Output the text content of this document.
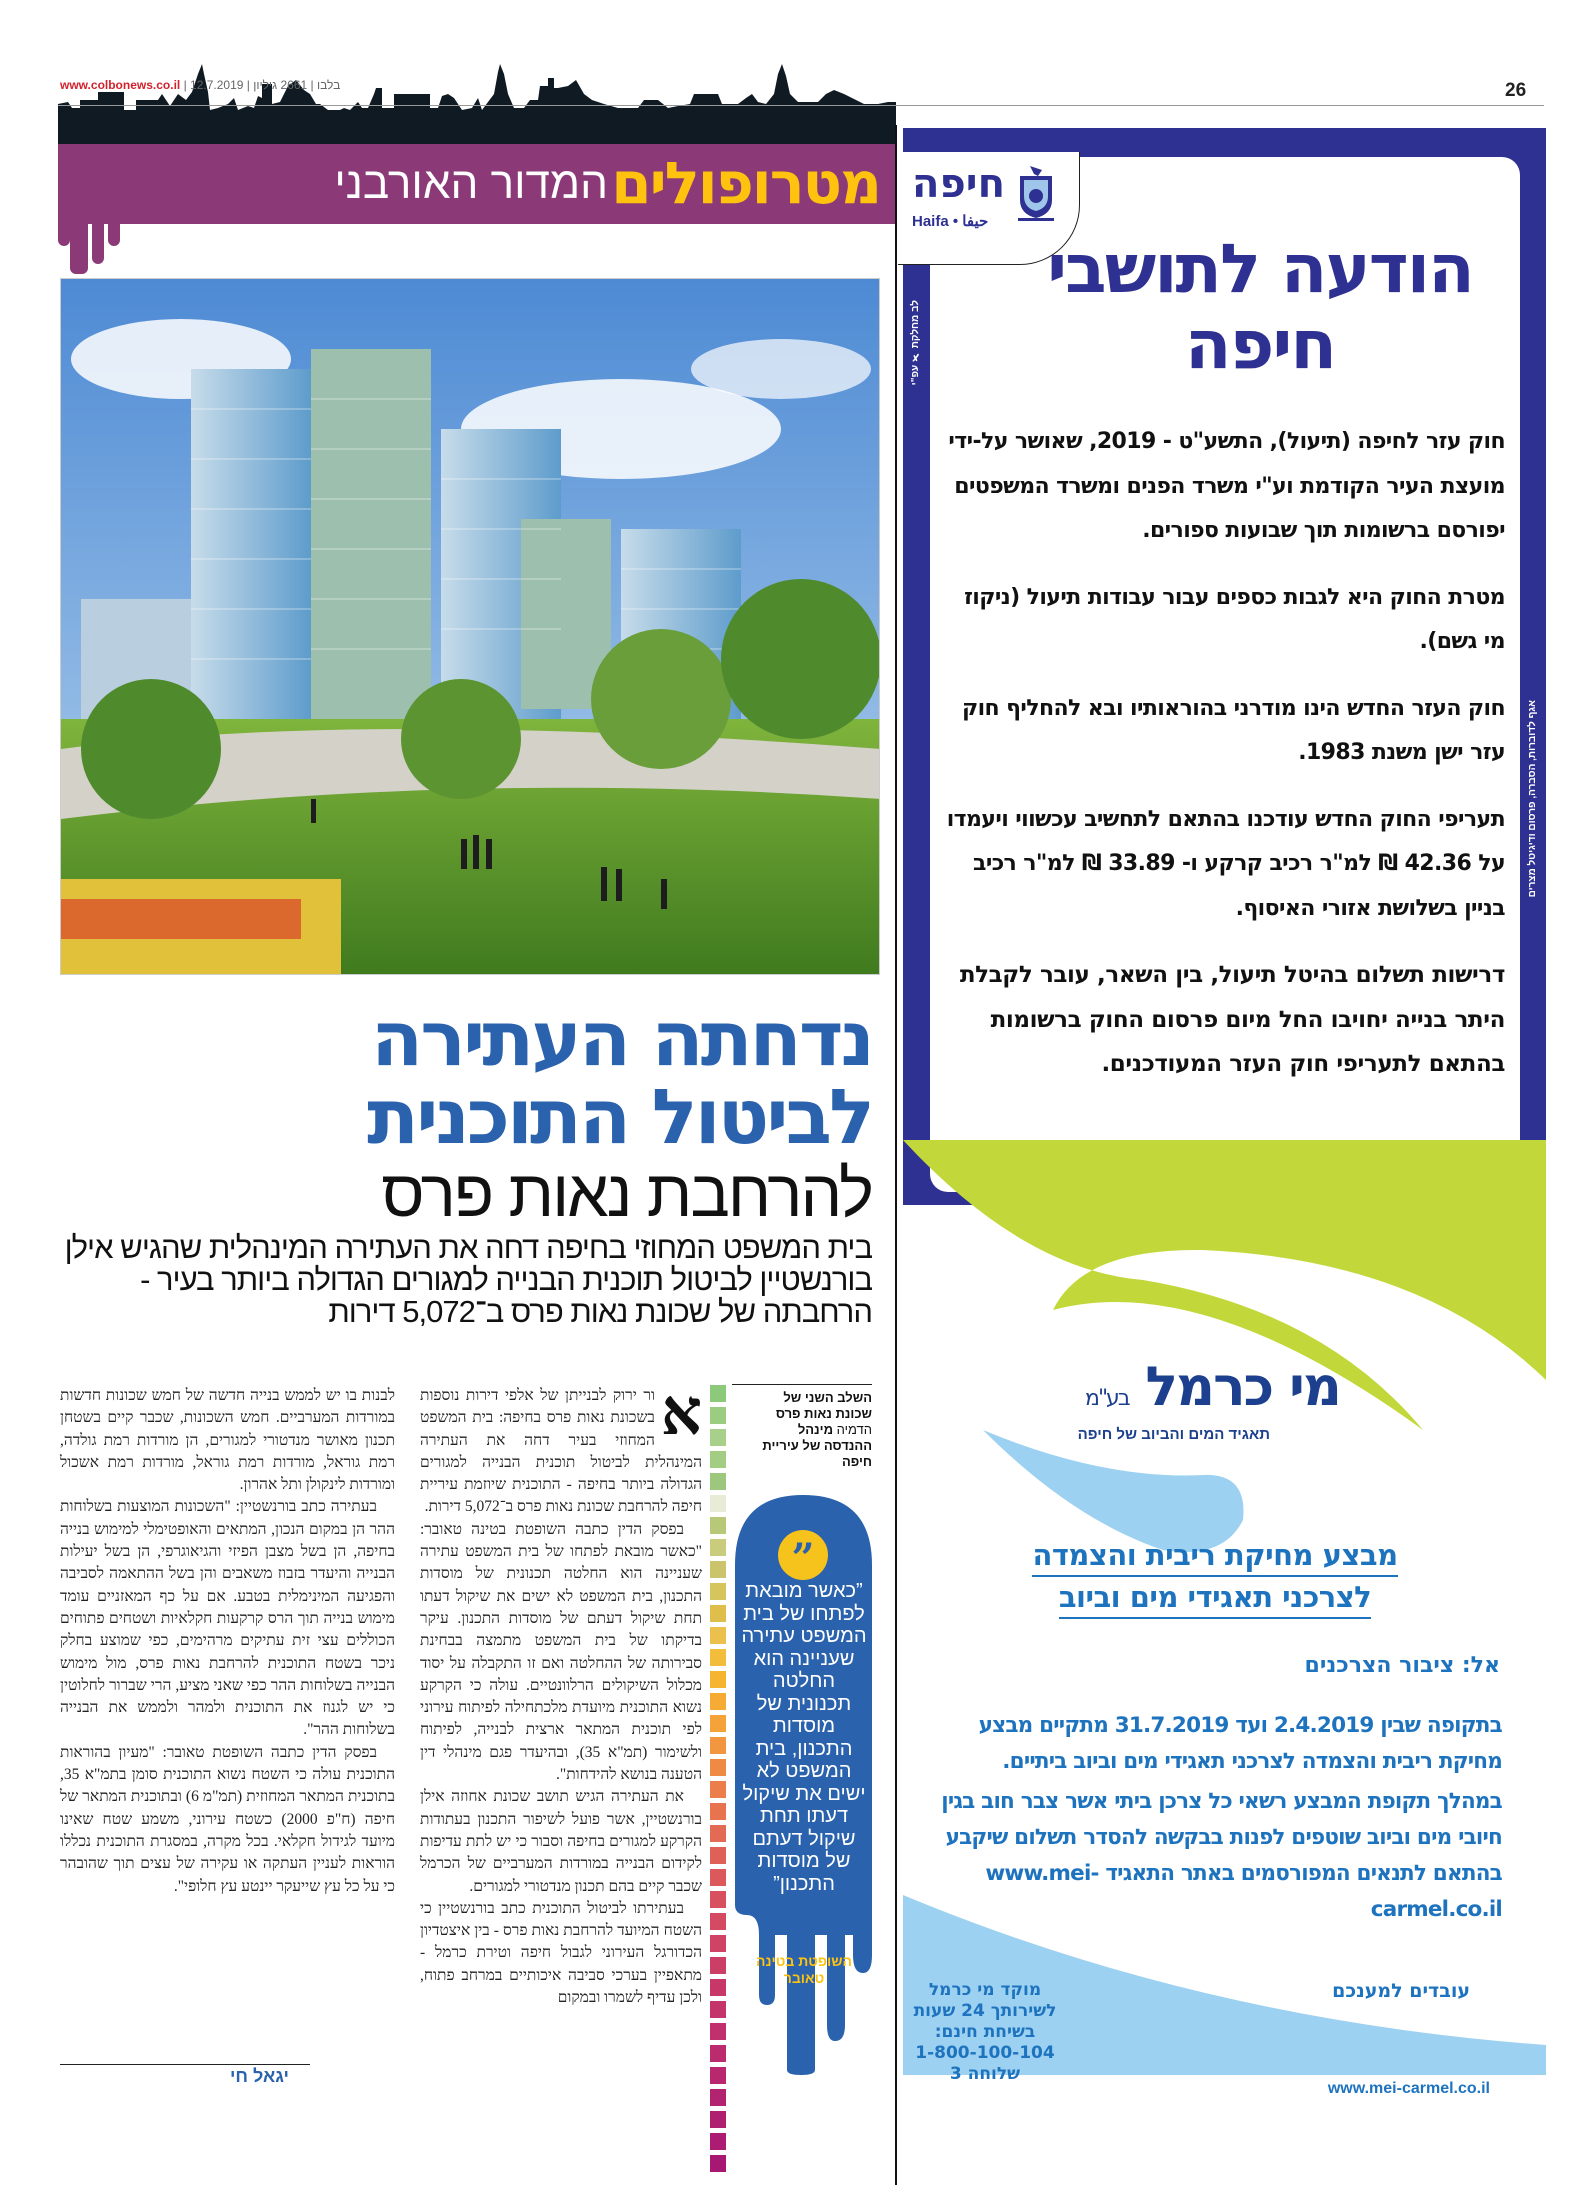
www.colbonews.co.il | בלבו | 2661 גיליון | 12.7.2019	26
מטרופולים
המדור האורבני
נדחתה העתירה
לביטול התוכנית
להרחבת נאות פרס
בית המשפט המחוזי בחיפה דחה את העתירה המינהלית שהגיש אילן בורנשטיין לביטול תוכנית הבנייה למגורים הגדולה ביותר בעיר - הרחבתה של שכונת נאות פרס ב־5,072 דירות

א
ור ירוק לבנייתן של אלפי דירות נוספות בשכונת נאות פרס בחיפה: בית המשפט המחוזי בעיר דחה את העתירה המינהלית לביטול תוכנית הבנייה למגורים הגדולה ביותר בחיפה - התוכנית שיוזמת עיריית חיפה להרחבת שכונת נאות פרס ב־5,072 דירות.

בפסק הדין כתבה השופטת בטינה טאובר: "כאשר מובאת לפתחו של בית המשפט עתירה שעניינה הוא החלטה תכנונית של מוסדות התכנון, בית המשפט לא ישים את שיקול דעתו תחת שיקול דעתם של מוסדות התכנון. עיקר בדיקתו של בית המשפט מתמצה בבחינת סבירותה של ההחלטה ואם זו התקבלה על יסוד מכלול השיקולים הרלוונטיים. עולה כי הקרקע נשוא התוכנית מיועדת מלכתחילה לפיתוח עירוני לפי תוכנית המתאר ארצית לבנייה, לפיתוח ולשימור (תמ"א 35), ובהיעדר פגם מינהלי דין הטענה בנושא להידחות".

את העתירה הגיש תושב שכונת אחוזה אילן בורנשטיין, אשר פועל לשיפור התכנון בעתודות הקרקע למגורים בחיפה וסבור כי יש לתת עדיפות לקידום הבנייה במורדות המערביים של הכרמל שכבר קיים בהם תכנון מנדטורי למגורים.

בעתירתו לביטול התוכנית כתב בורנשטיין כי השטח המיועד להרחבת נאות פרס - בין איצטדיון הכדורגל העירוני לגבול חיפה וטירת כרמל - מתאפיין בערכי סביבה איכותיים במרחב פתוח, ולכן עדיף לשמרו ובמקום

לבנות בו יש לממש בנייה חדשה של חמש שכונות חדשות במורדות המערביים. חמש השכונות, שכבר קיים בשטחן תכנון מאושר מנדטורי למגורים, הן מורדות רמת גולדה, רמת גוראל, מורדות רמת גוראל, מורדות רמת אשכול ומורדות לינקולן ותל אהרון.

בעתירה כתב בורנשטיין: "השכונות המוצעות בשלוחות ההר הן במקום הנכון, המתאים והאופטימלי למימוש בנייה בחיפה, הן בשל מצבן הפיזי והגיאוגרפי, הן בשל יעילות הבנייה והיעדר בזבוז משאבים והן בשל ההתאמה לסביבה והפגיעה המינימלית בטבע. אם על כף המאזניים עומד מימוש בנייה תוך הרס קרקעות חקלאיות ושטחים פתוחים הכוללים עצי זית עתיקים מרהימים, כפי שמוצע בחלק ניכר בשטח התוכנית להרחבת נאות פרס, מול מימוש הבנייה בשלוחות ההר כפי שאני מציע, הרי שברור לחלוטין כי יש לגנוז את התוכנית ולמהר ולממש את הבנייה בשלוחות ההר".

בפסק הדין כתבה השופטת טאובר: "מעיון בהוראות התוכנית עולה כי השטח נשוא התוכנית סומן בתמ"א 35, בתוכנית המתאר המחוזית (תמ"מ 6) ובתוכנית המתאר של חיפה (ח"פ 2000) כשטח עירוני, משמע שטח שאינו מיועד לגידול חקלאי. בכל מקרה, במסגרת התוכנית נכללו הוראות לעניין העתקה או עקירה של עצים תוך שהובהר כי על כל עץ שייעקר יינטע עץ חלופי".

יגאל חי
השלב השני של
שכונת נאות פרס
הדמיה מינהל
ההנדסה של עיריית
חיפה
”
”כאשר מובאת לפתחו של בית המשפט עתירה שעניינה הוא החלטה תכנונית של מוסדות התכנון, בית המשפט לא ישים את שיקול דעתו תחת שיקול דעתם של מוסדות התכנון”
השופטת בטינה טאובר
לב מחלקת ✗ עפ"י
אגף לדוברות, הסברה, פרסום ודיגיטל מצרים
חיפה
Haifa • حيفا
הודעה לתושבי
חיפה

חוק עזר לחיפה (תיעול), התשע"ט - 2019, שאושר על-ידי מועצת העיר הקודמת וע"י משרד הפנים ומשרד המשפטים יפורסם ברשומות תוך שבועות ספורים.

מטרת החוק היא לגבות כספים עבור עבודות תיעול (ניקוז מי גשם).

חוק העזר החדש הינו מודרני בהוראותיו ובא להחליף חוק עזר ישן משנת 1983.

תעריפי החוק החדש עודכנו בהתאם לתחשיב עכשווי ויעמדו על 42.36 ₪ למ"ר רכיב קרקע ו- 33.89 ₪ למ"ר רכיב בניין בשלושת אזורי האיסוף.

דרישות תשלום בהיטל תיעול, בין השאר, עובר לקבלת היתר בנייה יחויבו החל מיום פרסום החוק ברשומות בהתאם לתעריפי חוק העזר המעודכנים.

מי כרמל בע"מ
תאגיד המים והביוב של חיפה
מבצע מחיקת ריבית והצמדה
לצרכני תאגידי מים וביוב
אל: ציבור הצרכנים

בתקופה שבין 2.4.2019 ועד 31.7.2019 מתקיים מבצע מחיקת ריבית והצמדה לצרכני תאגידי מים וביוב ביתיים.

במהלך תקופת המבצע רשאי כל צרכן ביתי אשר צבר חוב בגין חיובי מים וביוב שוטפים לפנות בבקשה להסדר תשלום שיקבע בהתאם לתנאים המפורסמים באתר התאגיד www.mei-carmel.co.il

עובדים למענכם
מוקד מי כרמל
לשירותך 24 שעות
בשיחת חינם:
1-800-100-104
שלוחה 3
www.mei-carmel.co.il
